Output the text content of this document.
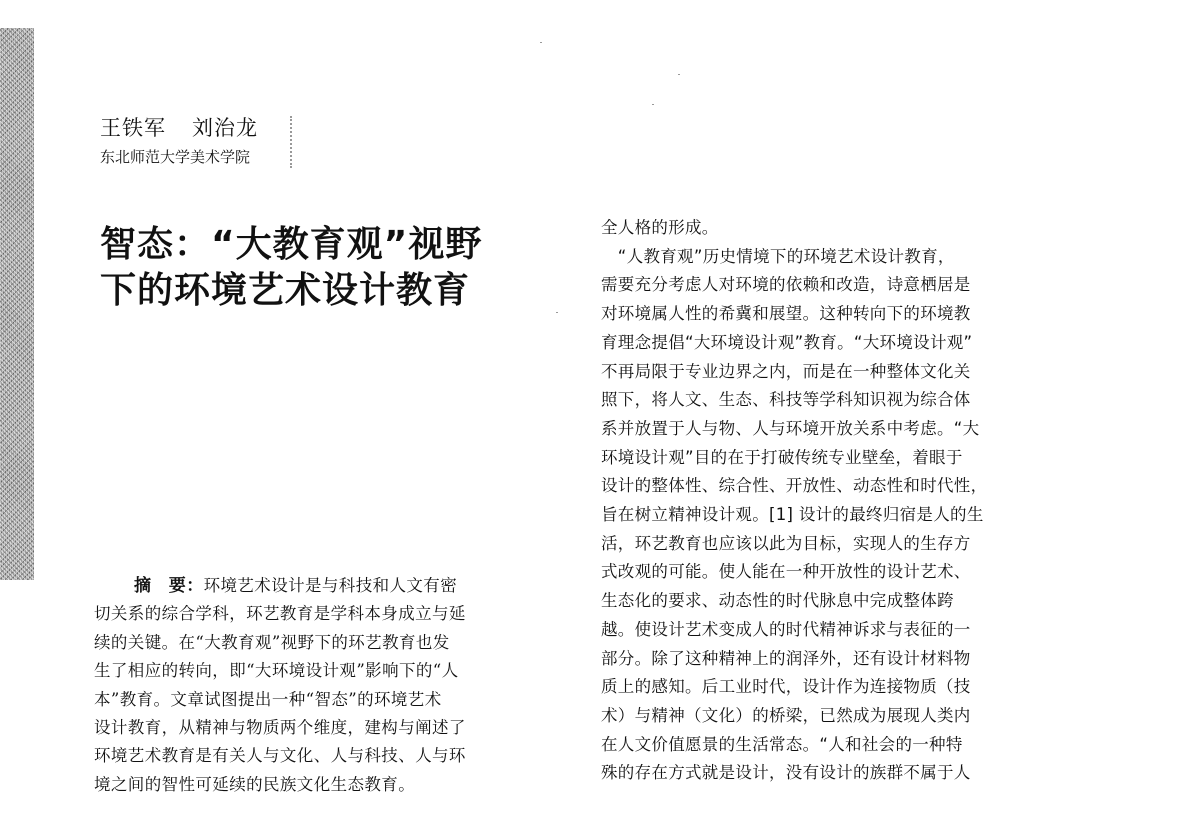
王铁军 刘治龙
东北师范大学美术学院
智态：“大教育观”视野
下的环境艺术设计教育
摘　要：环境艺术设计是与科技和人文有密
切关系的综合学科，环艺教育是学科本身成立与延
续的关键。在“大教育观”视野下的环艺教育也发
生了相应的转向，即“大环境设计观”影响下的“人
本”教育。文章试图提出一种“智态”的环境艺术
设计教育，从精神与物质两个维度，建构与阐述了
环境艺术教育是有关人与文化、人与科技、人与环
境之间的智性可延续的民族文化生态教育。
全人格的形成。
　“人教育观”历史情境下的环境艺术设计教育，
需要充分考虑人对环境的依赖和改造，诗意栖居是
对环境属人性的希冀和展望。这种转向下的环境教
育理念提倡“大环境设计观”教育。“大环境设计观”
不再局限于专业边界之内，而是在一种整体文化关
照下，将人文、生态、科技等学科知识视为综合体
系并放置于人与物、人与环境开放关系中考虑。“大
环境设计观”目的在于打破传统专业壁垒，着眼于
设计的整体性、综合性、开放性、动态性和时代性，
旨在树立精神设计观。[1] 设计的最终归宿是人的生
活，环艺教育也应该以此为目标，实现人的生存方
式改观的可能。使人能在一种开放性的设计艺术、
生态化的要求、动态性的时代脉息中完成整体跨
越。使设计艺术变成人的时代精神诉求与表征的一
部分。除了这种精神上的润泽外，还有设计材料物
质上的感知。后工业时代，设计作为连接物质（技
术）与精神（文化）的桥梁，已然成为展现人类内
在人文价值愿景的生活常态。“人和社会的一种特
殊的存在方式就是设计，没有设计的族群不属于人
